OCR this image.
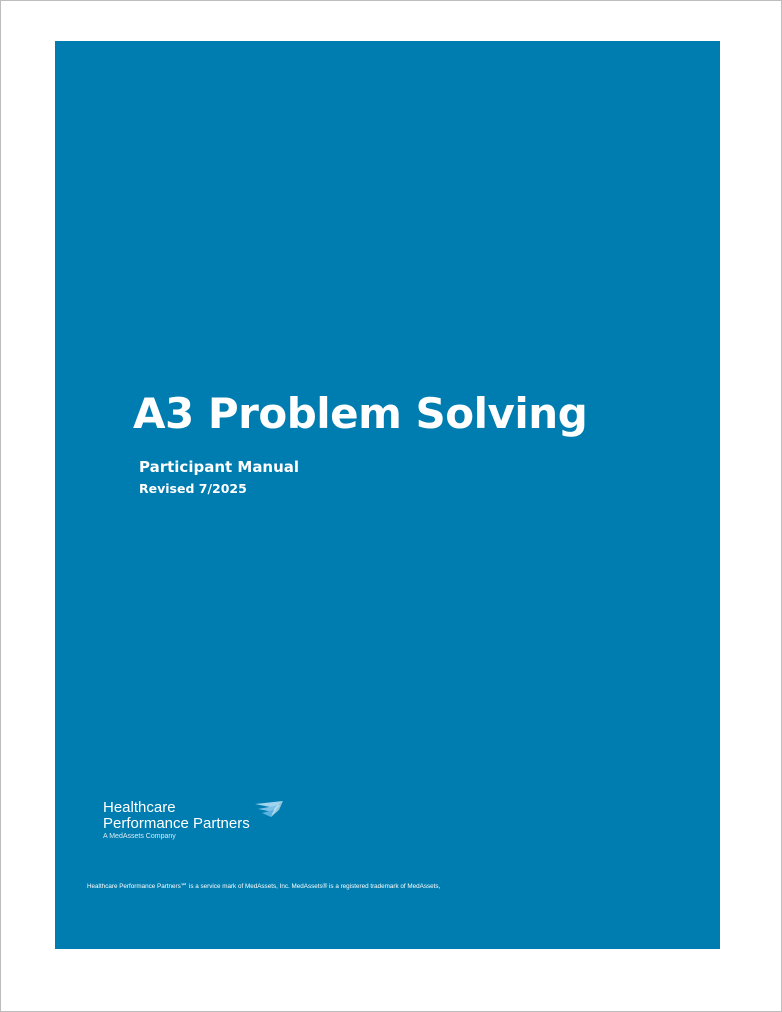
A3 Problem Solving

Participant Manual

Revised 7/2025

Healthcare
Performance Partners
A MedAssets Company

Healthcare Performance Partners℠ is a service mark of MedAssets, Inc. MedAssets® is a registered trademark of MedAssets,
